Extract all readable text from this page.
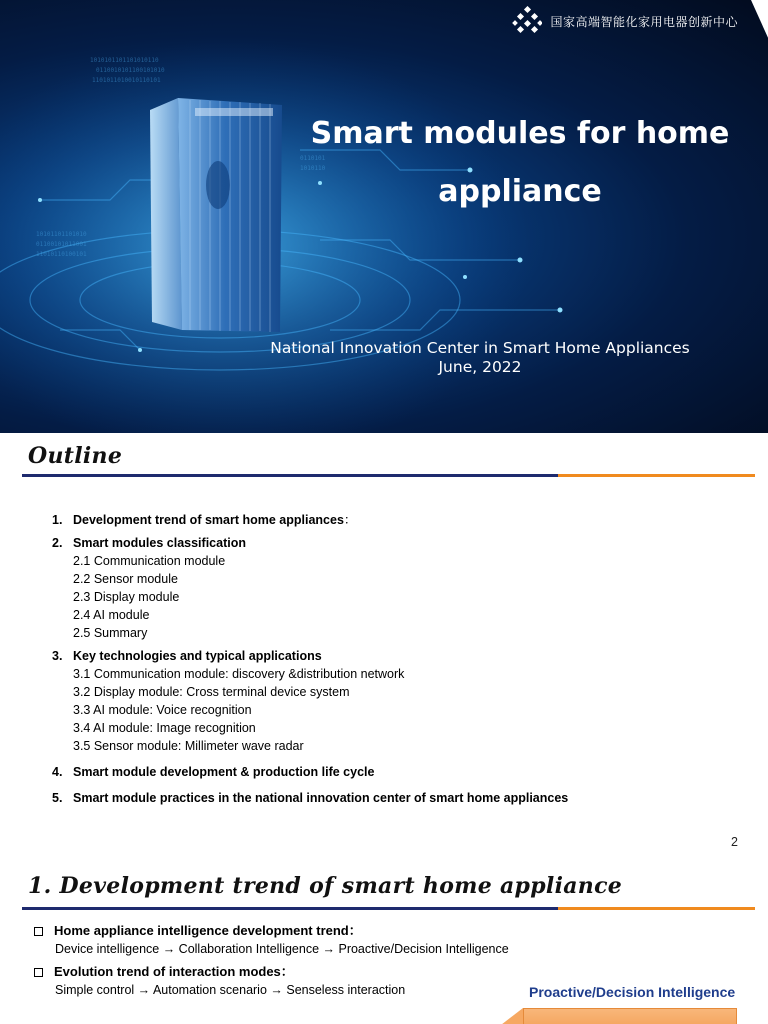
1010101101101010110
0110010101100101010
1101011010010110101
10101101101010
01100101011001
11010110100101
0110101
1010110
国家高端智能化家用电器创新中心
Smart modules for home appliance
National Innovation Center in Smart Home Appliances
June, 2022
Outline
1. Development trend of smart home appliances：
2. Smart modules classification
2.1 Communication module
2.2 Sensor module
2.3 Display module
2.4 AI module
2.5 Summary
3. Key technologies and typical applications
3.1 Communication module: discovery &distribution network
3.2 Display module: Cross terminal device system
3.3 AI module: Voice recognition
3.4 AI module: Image recognition
3.5 Sensor module: Millimeter wave radar
4. Smart module development & production life cycle
5. Smart module practices in the national innovation center of smart home appliances
2
1. Development trend of smart home appliance
Home appliance intelligence development trend：
Device intelligence → Collaboration Intelligence → Proactive/Decision Intelligence
Evolution trend of interaction modes：
Simple control → Automation scenario → Senseless interaction	Proactive/Decision Intelligence
